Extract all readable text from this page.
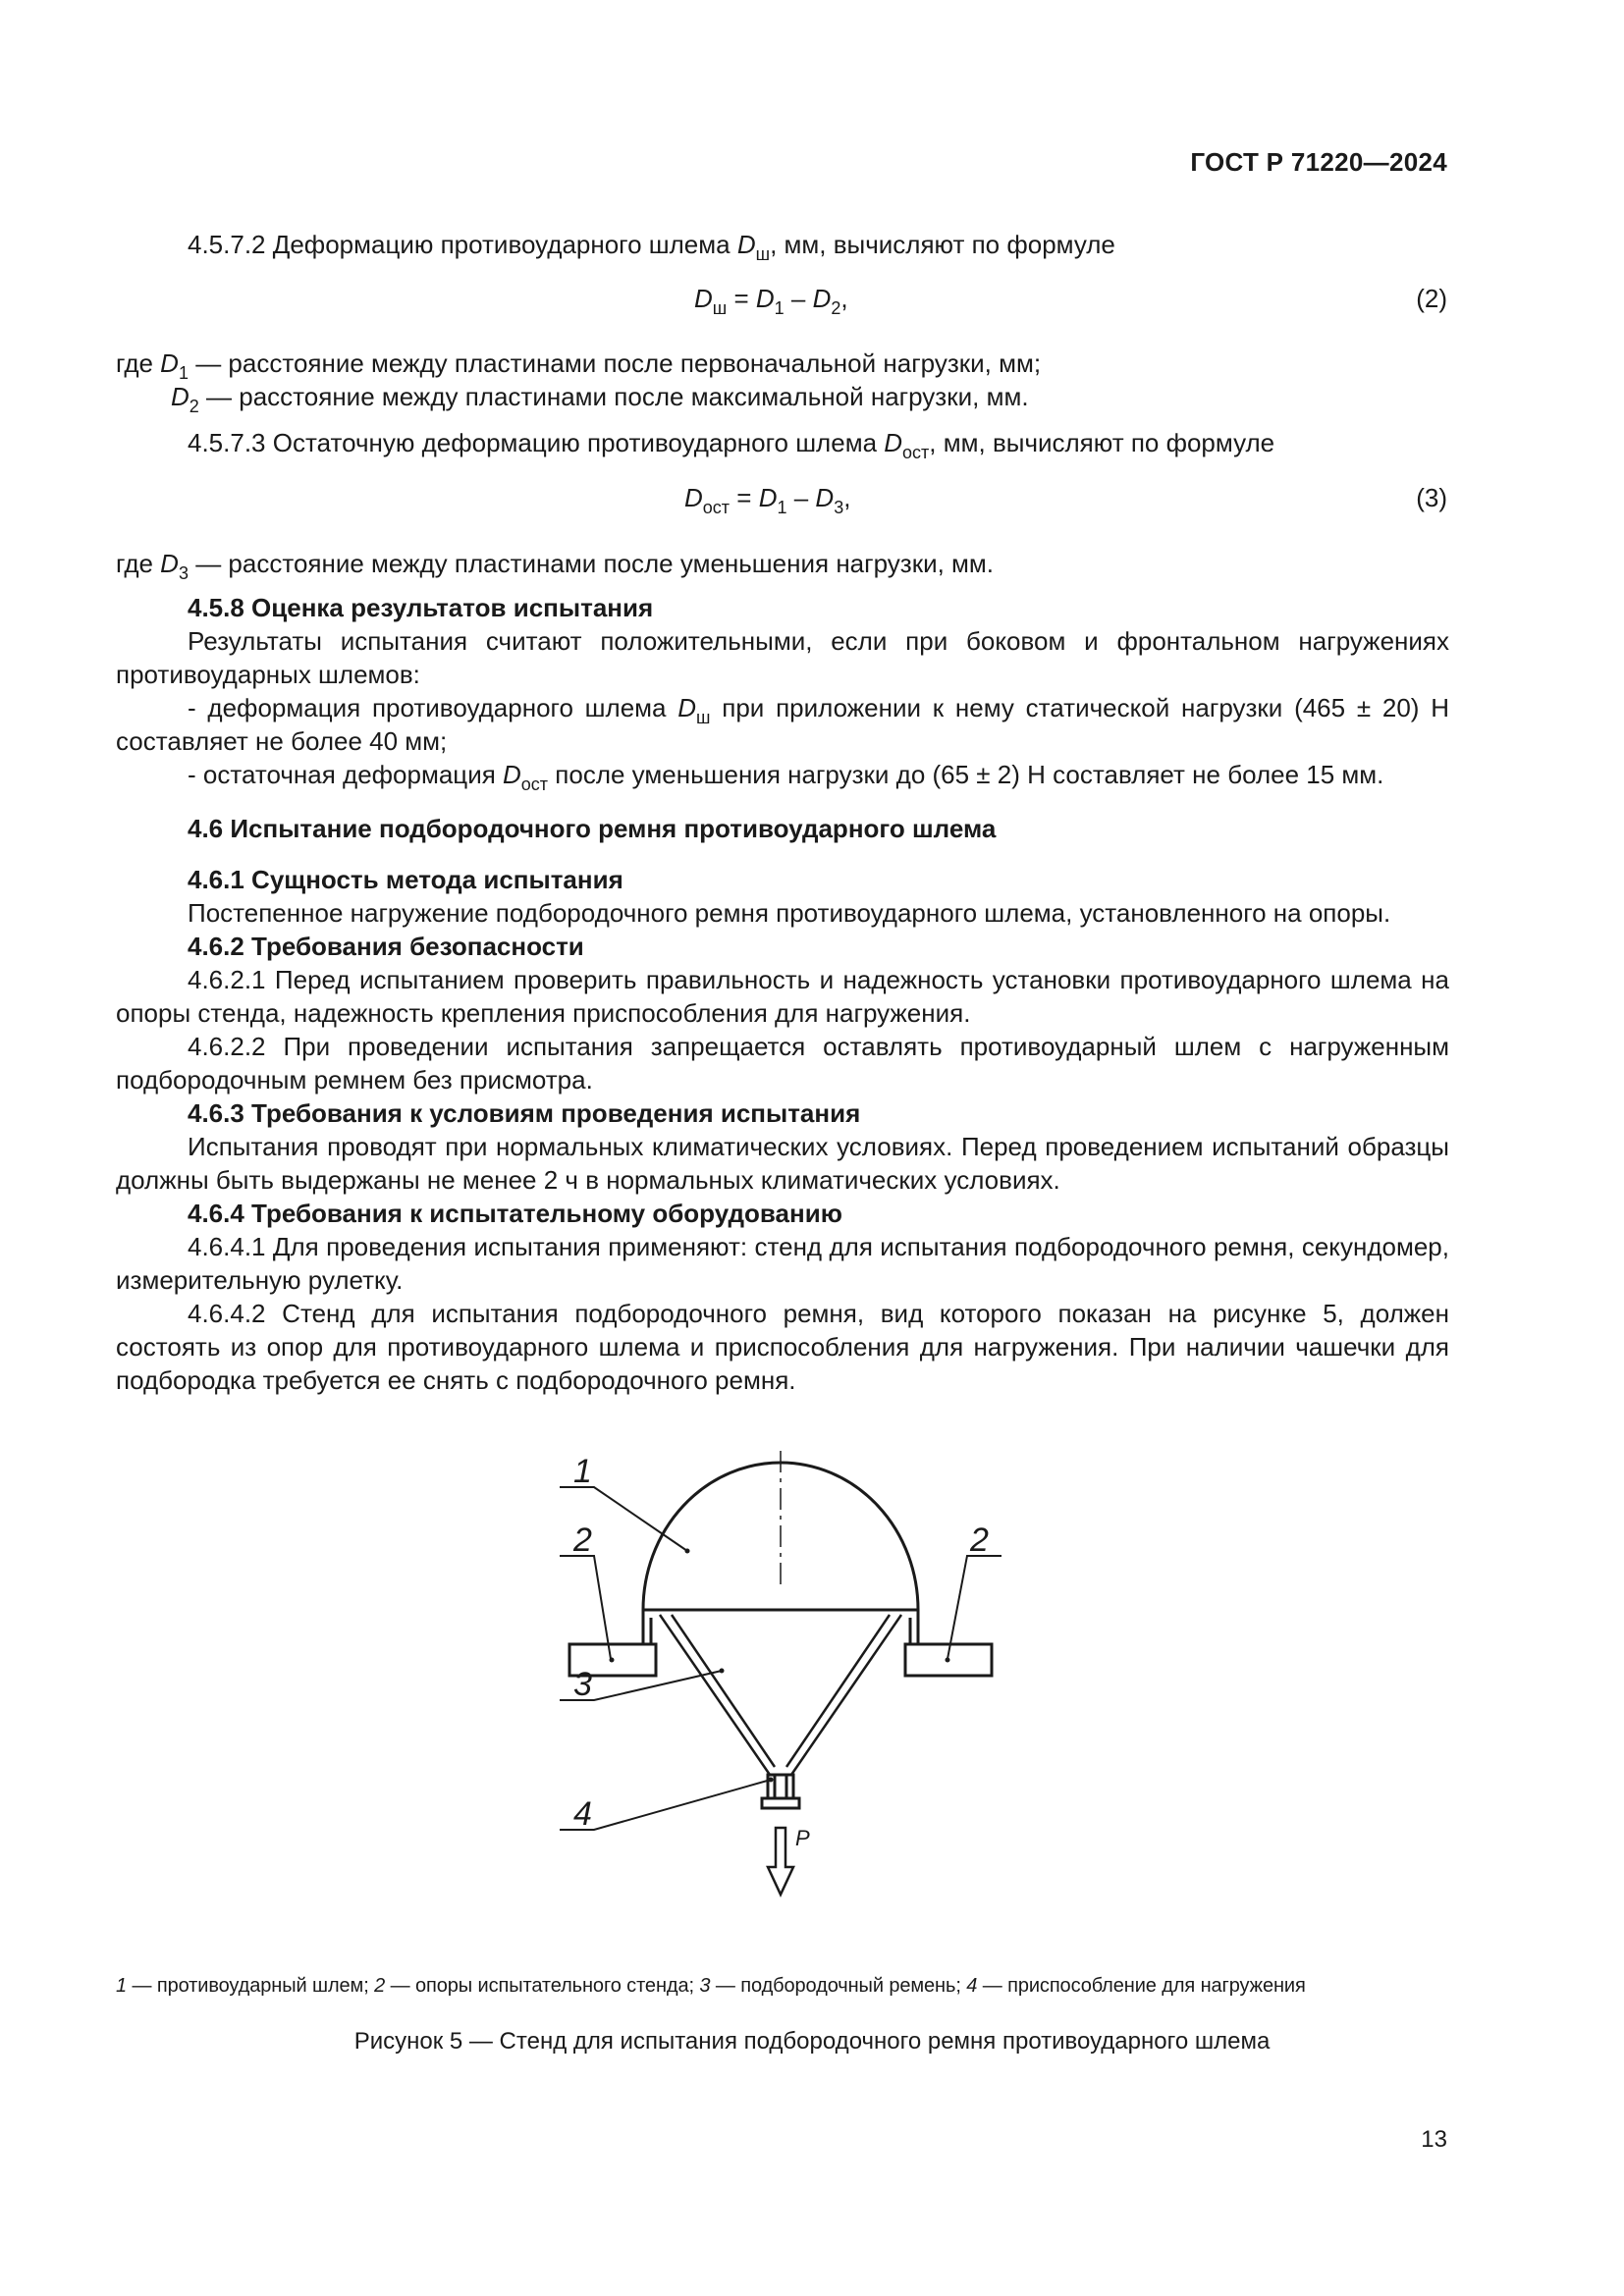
ГОСТ Р 71220—2024
4.5.7.2 Деформацию противоударного шлема $D_ш$, мм, вычисляют по формуле
$D_ш = D_1 - D_2$,	(2)
где $D_1$ — расстояние между пластинами после первоначальной нагрузки, мм;
$D_2$ — расстояние между пластинами после максимальной нагрузки, мм.
4.5.7.3 Остаточную деформацию противоударного шлема $D_{ост}$, мм, вычисляют по формуле
$D_{ост} = D_1 - D_3$,	(3)
где $D_3$ — расстояние между пластинами после уменьшения нагрузки, мм.

4.5.8 Оценка результатов испытания

Результаты испытания считают положительными, если при боковом и фронтальном нагружениях противоударных шлемов:

- деформация противоударного шлема $D_ш$ при приложении к нему статической нагрузки (465 ± 20) Н составляет не более 40 мм;

- остаточная деформация $D_{ост}$ после уменьшения нагрузки до (65 ± 2) Н составляет не более 15 мм.

4.6 Испытание подбородочного ремня противоударного шлема

4.6.1 Сущность метода испытания

Постепенное нагружение подбородочного ремня противоударного шлема, установленного на опоры.

4.6.2 Требования безопасности

4.6.2.1 Перед испытанием проверить правильность и надежность установки противоударного шлема на опоры стенда, надежность крепления приспособления для нагружения.

4.6.2.2 При проведении испытания запрещается оставлять противоударный шлем с нагруженным подбородочным ремнем без присмотра.

4.6.3 Требования к условиям проведения испытания

Испытания проводят при нормальных климатических условиях. Перед проведением испытаний образцы должны быть выдержаны не менее 2 ч в нормальных климатических условиях.

4.6.4 Требования к испытательному оборудованию

4.6.4.1 Для проведения испытания применяют: стенд для испытания подбородочного ремня, секундомер, измерительную рулетку.

4.6.4.2 Стенд для испытания подбородочного ремня, вид которого показан на рисунке 5, должен состоять из опор для противоударного шлема и приспособления для нагружения. При наличии чашечки для подбородка требуется ее снять с подбородочного ремня.

1
2	2
3
4
P
1 — противоударный шлем; 2 — опоры испытательного стенда; 3 — подбородочный ремень; 4 — приспособление для нагружения
Рисунок 5 — Стенд для испытания подбородочного ремня противоударного шлема
13
